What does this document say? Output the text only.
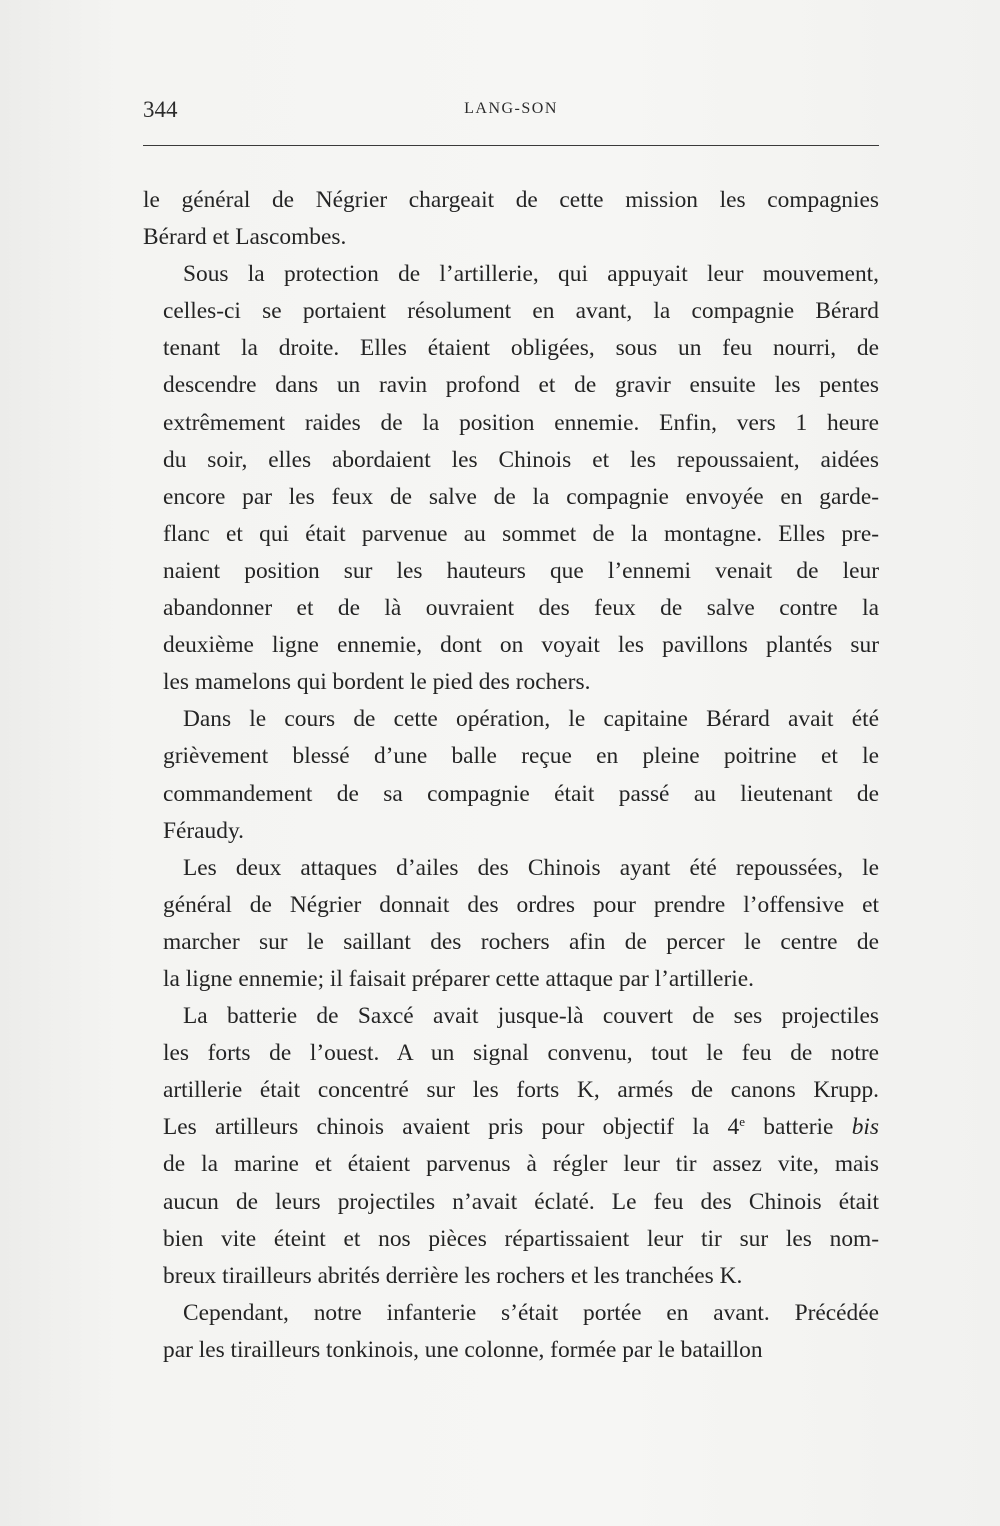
344	LANG-SON

le général de Négrier chargeait de cette mission les compagnies
Bérard et Lascombes.

Sous la protection de l’artillerie, qui appuyait leur mouvement,
celles-ci se portaient résolument en avant, la compagnie Bérard
tenant la droite. Elles étaient obligées, sous un feu nourri, de
descendre dans un ravin profond et de gravir ensuite les pentes
extrêmement raides de la position ennemie. Enfin, vers 1 heure
du soir, elles abordaient les Chinois et les repoussaient, aidées
encore par les feux de salve de la compagnie envoyée en garde-
flanc et qui était parvenue au sommet de la montagne. Elles pre-
naient position sur les hauteurs que l’ennemi venait de leur
abandonner et de là ouvraient des feux de salve contre la
deuxième ligne ennemie, dont on voyait les pavillons plantés sur
les mamelons qui bordent le pied des rochers.

Dans le cours de cette opération, le capitaine Bérard avait été
grièvement blessé d’une balle reçue en pleine poitrine et le
commandement de sa compagnie était passé au lieutenant de
Féraudy.

Les deux attaques d’ailes des Chinois ayant été repoussées, le
général de Négrier donnait des ordres pour prendre l’offensive et
marcher sur le saillant des rochers afin de percer le centre de
la ligne ennemie; il faisait préparer cette attaque par l’artillerie.

La batterie de Saxcé avait jusque-là couvert de ses projectiles
les forts de l’ouest. A un signal convenu, tout le feu de notre
artillerie était concentré sur les forts K, armés de canons Krupp.
Les artilleurs chinois avaient pris pour objectif la 4e batterie bis
de la marine et étaient parvenus à régler leur tir assez vite, mais
aucun de leurs projectiles n’avait éclaté. Le feu des Chinois était
bien vite éteint et nos pièces répartissaient leur tir sur les nom-
breux tirailleurs abrités derrière les rochers et les tranchées K.

Cependant, notre infanterie s’était portée en avant. Précédée
par les tirailleurs tonkinois, une colonne, formée par le bataillon
